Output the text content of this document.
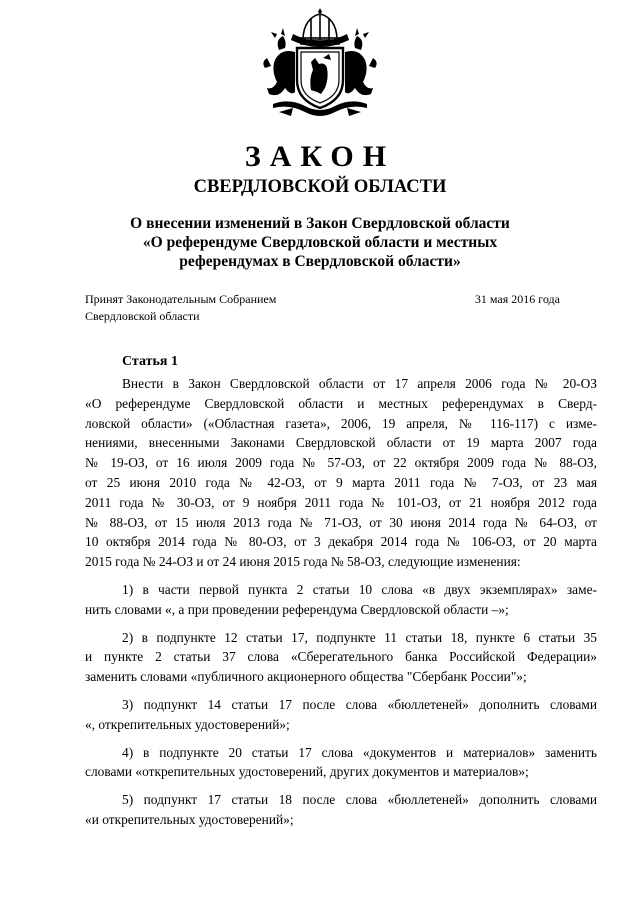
ЗАКОН
СВЕРДЛОВСКОЙ ОБЛАСТИ
О внесении изменений в Закон Свердловской области
«О референдуме Свердловской области и местных
референдумах в Свердловской области»
Принят Законодательным Собранием
Свердловской области
31 мая 2016 года
Статья 1
Внести в Закон Свердловской области от 17 апреля 2006 года № 20-ОЗ
«О референдуме Свердловской области и местных референдумах в Сверд-
ловской области» («Областная газета», 2006, 19 апреля, № 116-117) с изме-
нениями, внесенными Законами Свердловской области от 19 марта 2007 года
№ 19-ОЗ, от 16 июля 2009 года № 57-ОЗ, от 22 октября 2009 года № 88-ОЗ,
от 25 июня 2010 года № 42-ОЗ, от 9 марта 2011 года № 7-ОЗ, от 23 мая
2011 года № 30-ОЗ, от 9 ноября 2011 года № 101-ОЗ, от 21 ноября 2012 года
№ 88-ОЗ, от 15 июля 2013 года № 71-ОЗ, от 30 июня 2014 года № 64-ОЗ, от
10 октября 2014 года № 80-ОЗ, от 3 декабря 2014 года № 106-ОЗ, от 20 марта
2015 года № 24-ОЗ и от 24 июня 2015 года № 58-ОЗ, следующие изменения:
1) в части первой пункта 2 статьи 10 слова «в двух экземплярах» заме-
нить словами «, а при проведении референдума Свердловской области –»;
2) в подпункте 12 статьи 17, подпункте 11 статьи 18, пункте 6 статьи 35
и пункте 2 статьи 37 слова «Сберегательного банка Российской Федерации»
заменить словами «публичного акционерного общества "Сбербанк России"»;
3) подпункт 14 статьи 17 после слова «бюллетеней» дополнить словами
«, открепительных удостоверений»;
4) в подпункте 20 статьи 17 слова «документов и материалов» заменить
словами «открепительных удостоверений, других документов и материалов»;
5) подпункт 17 статьи 18 после слова «бюллетеней» дополнить словами
«и открепительных удостоверений»;
